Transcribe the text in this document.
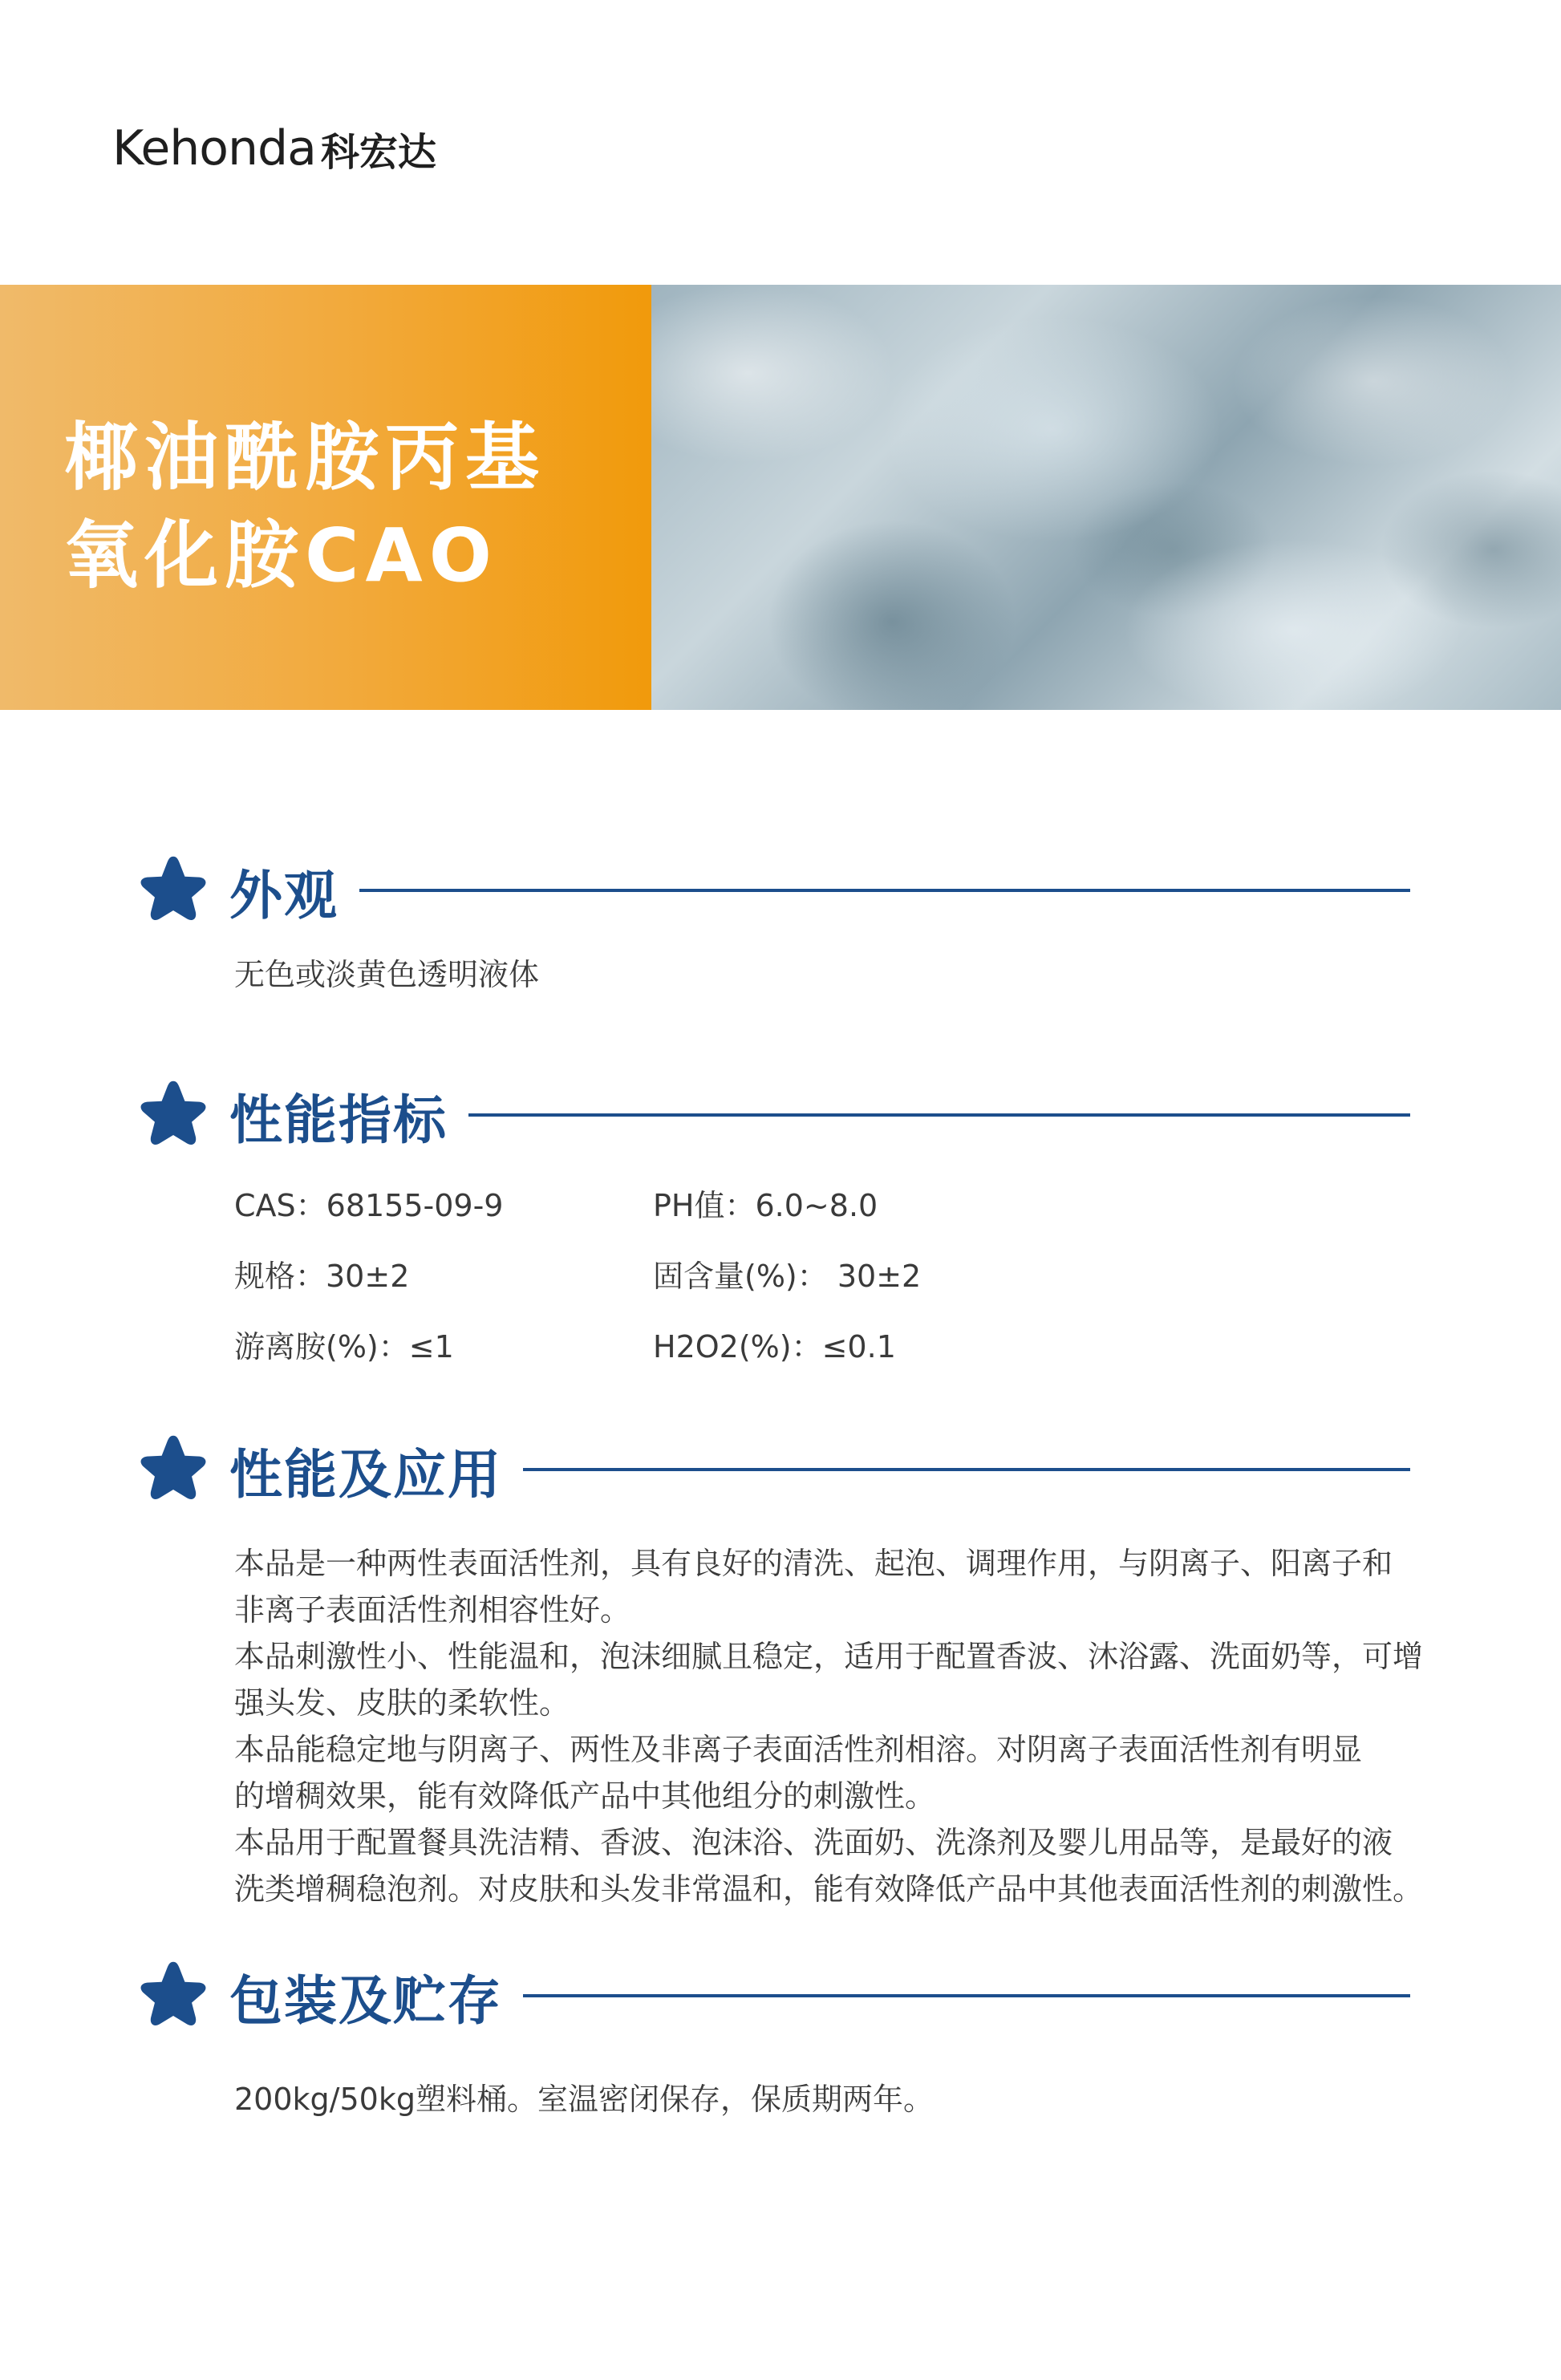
Kehonda 科宏达
椰油酰胺丙基
氧化胺CAO
外观
无色或淡黄色透明液体
性能指标
CAS：68155-09-9	PH值：6.0~8.0
规格：30±2	固含量(%)： 30±2
游离胺(%)：≤1	H2O2(%)：≤0.1
性能及应用
本品是一种两性表面活性剂，具有良好的清洗、起泡、调理作用，与阴离子、阳离子和
非离子表面活性剂相容性好。
本品刺激性小、性能温和，泡沫细腻且稳定，适用于配置香波、沐浴露、洗面奶等，可增
强头发、皮肤的柔软性。
本品能稳定地与阴离子、两性及非离子表面活性剂相溶。对阴离子表面活性剂有明显
的增稠效果，能有效降低产品中其他组分的刺激性。
本品用于配置餐具洗洁精、香波、泡沫浴、洗面奶、洗涤剂及婴儿用品等，是最好的液
洗类增稠稳泡剂。对皮肤和头发非常温和，能有效降低产品中其他表面活性剂的刺激性。
包装及贮存
200kg/50kg塑料桶。室温密闭保存，保质期两年。
